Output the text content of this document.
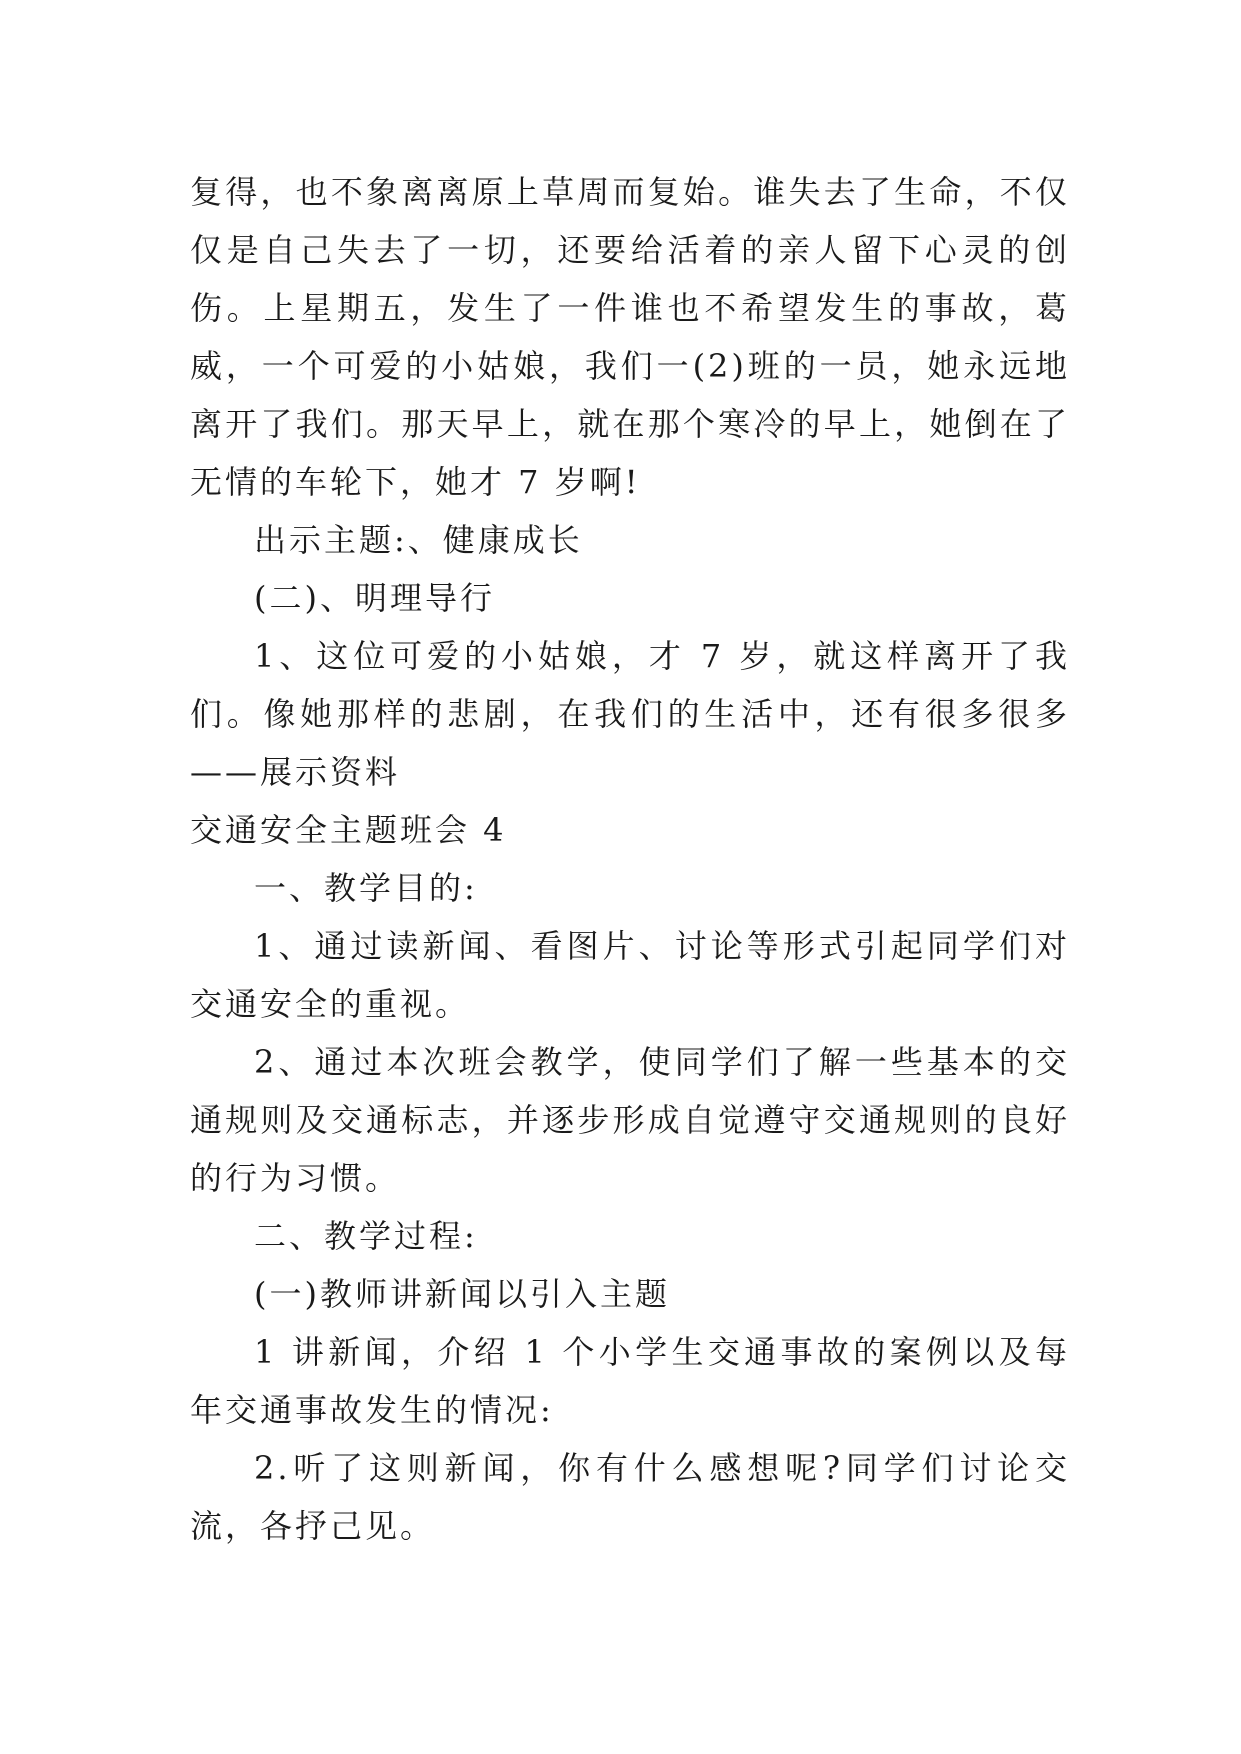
复得，也不象离离原上草周而复始。谁失去了生命，不仅仅是自己失去了一切，还要给活着的亲人留下心灵的创伤。上星期五，发生了一件谁也不希望发生的事故，葛威，一个可爱的小姑娘，我们一(2)班的一员，她永远地离开了我们。那天早上，就在那个寒冷的早上，她倒在了无情的车轮下，她才 7 岁啊!

出示主题:、健康成长

(二)、明理导行

1、这位可爱的小姑娘，才 7 岁，就这样离开了我们。像她那样的悲剧，在我们的生活中，还有很多很多——展示资料

交通安全主题班会 4

一、教学目的:

1、通过读新闻、看图片、讨论等形式引起同学们对交通安全的重视。

2、通过本次班会教学，使同学们了解一些基本的交通规则及交通标志，并逐步形成自觉遵守交通规则的良好的行为习惯。

二、教学过程:

(一)教师讲新闻以引入主题

1 讲新闻，介绍 1 个小学生交通事故的案例以及每年交通事故发生的情况:

2.听了这则新闻，你有什么感想呢?同学们讨论交流，各抒己见。
